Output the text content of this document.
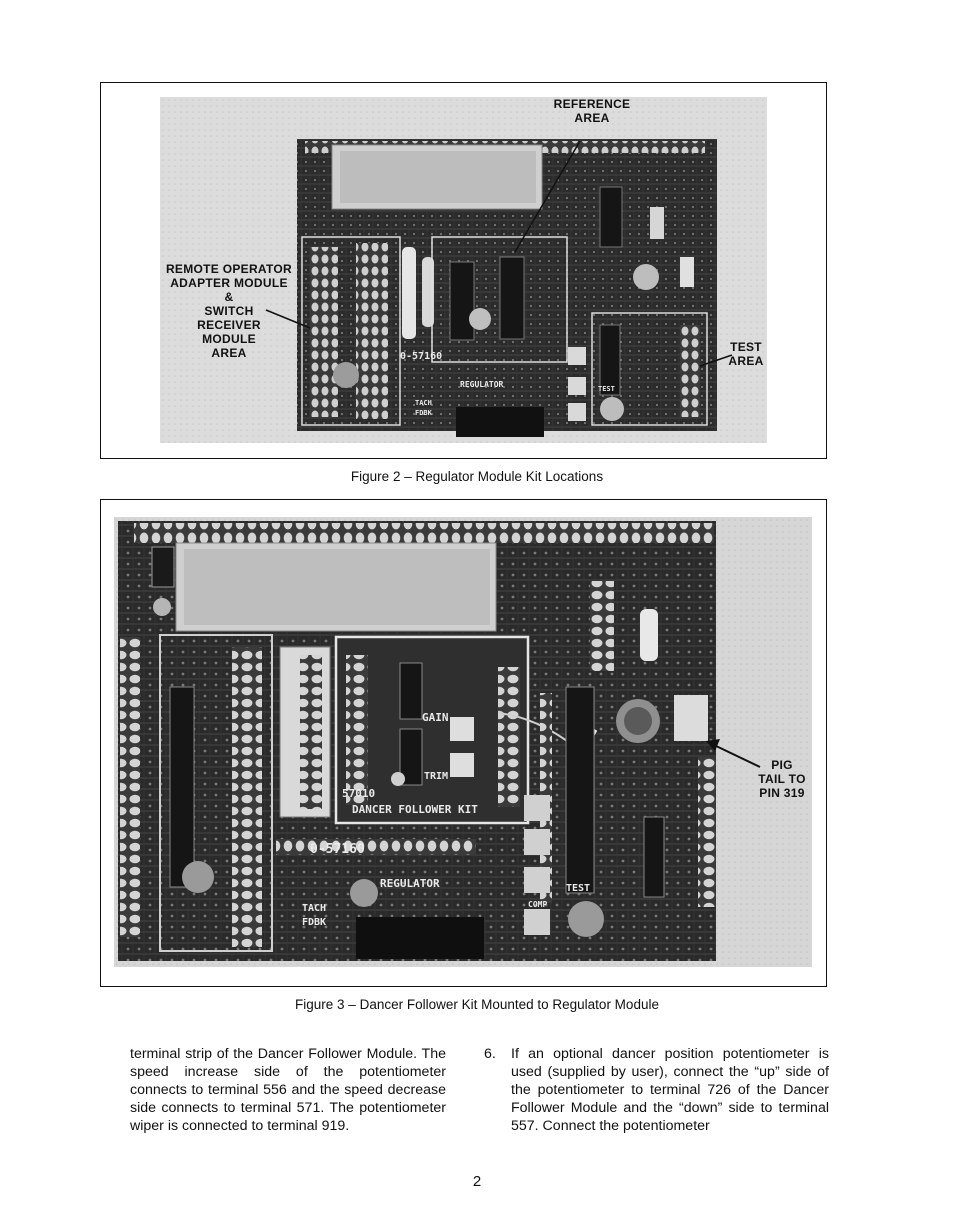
0-57160
REGULATOR
TACH
FDBK
TEST
REFERENCE
AREA
REMOTE OPERATOR
ADAPTER MODULE
&
SWITCH
RECEIVER
MODULE
AREA	TEST
AREA
Figure 2 – Regulator Module Kit Locations
GAIN
TRIM
57010
DANCER FOLLOWER KIT
0-57160
REGULATOR
TACH
FDBK
TEST
COMP
PIG
TAIL TO
PIN 319
Figure 3 – Dancer Follower Kit Mounted to Regulator Module
terminal strip of the Dancer Follower Module. The speed increase side of the potentiometer connects to terminal 556 and the speed decrease side connects to terminal 571. The potentiometer wiper is connected to terminal 919.
6. If an optional dancer position potentiometer is used (supplied by user), connect the “up” side of the potentiometer to terminal 726 of the Dancer Follower Module and the “down” side to terminal 557. Connect the potentiometer
2
